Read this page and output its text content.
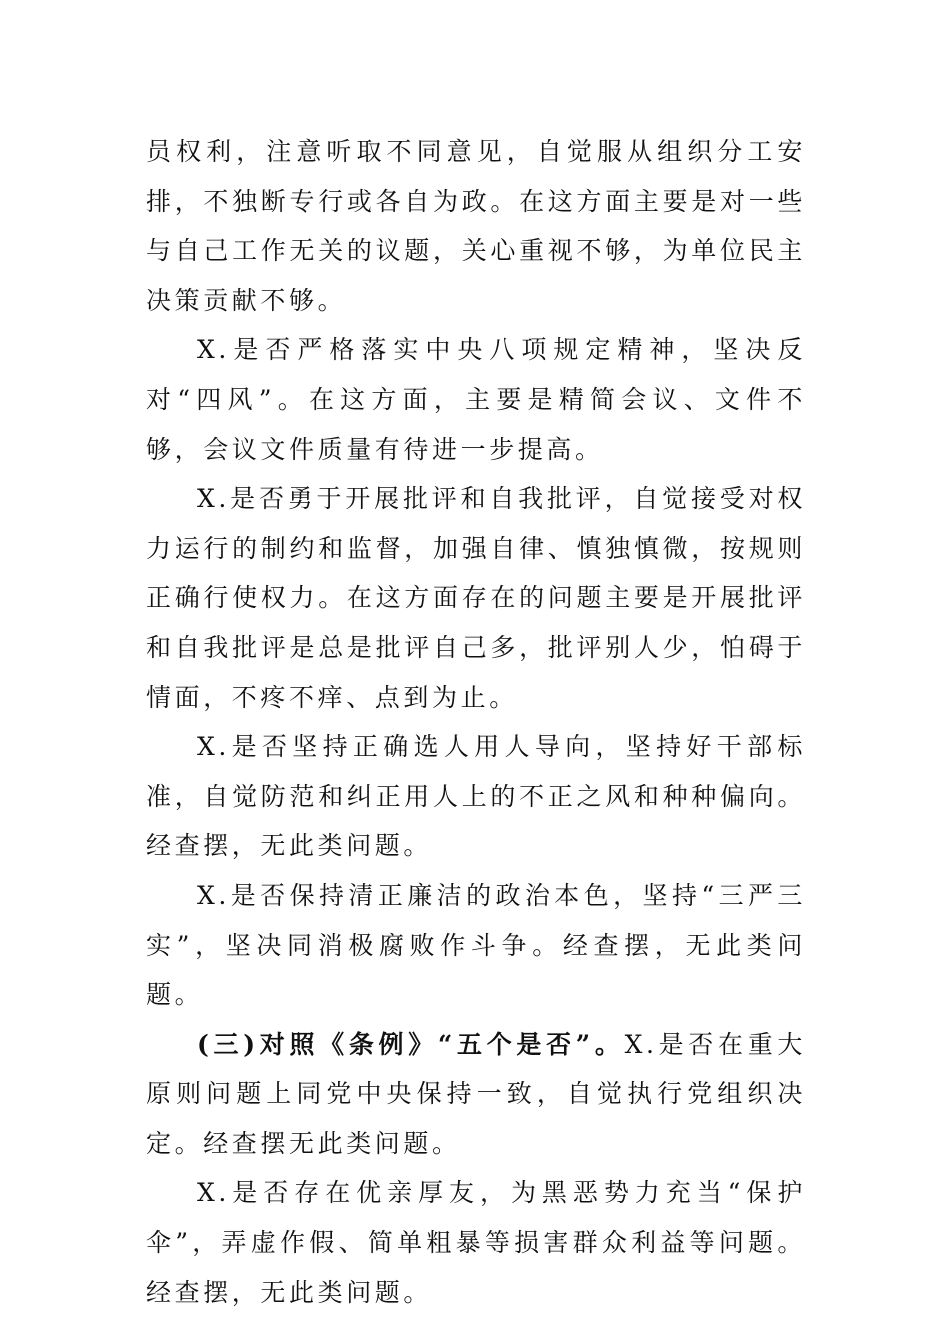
员权利，注意听取不同意见，自觉服从组织分工安排，不独断专行或各自为政。在这方面主要是对一些与自己工作无关的议题，关心重视不够，为单位民主决策贡献不够。

X.是否严格落实中央八项规定精神，坚决反对“四风”。在这方面，主要是精简会议、文件不够，会议文件质量有待进一步提高。

X.是否勇于开展批评和自我批评，自觉接受对权力运行的制约和监督，加强自律、慎独慎微，按规则正确行使权力。在这方面存在的问题主要是开展批评和自我批评是总是批评自己多，批评别人少，怕碍于情面，不疼不痒、点到为止。

X.是否坚持正确选人用人导向，坚持好干部标准，自觉防范和纠正用人上的不正之风和种种偏向。经查摆，无此类问题。

X.是否保持清正廉洁的政治本色，坚持“三严三实”，坚决同消极腐败作斗争。经查摆，无此类问题。

(三)对照《条例》“五个是否”。X.是否在重大原则问题上同党中央保持一致，自觉执行党组织决定。经查摆无此类问题。

X.是否存在优亲厚友，为黑恶势力充当“保护伞”，弄虚作假、简单粗暴等损害群众利益等问题。经查摆，无此类问题。
